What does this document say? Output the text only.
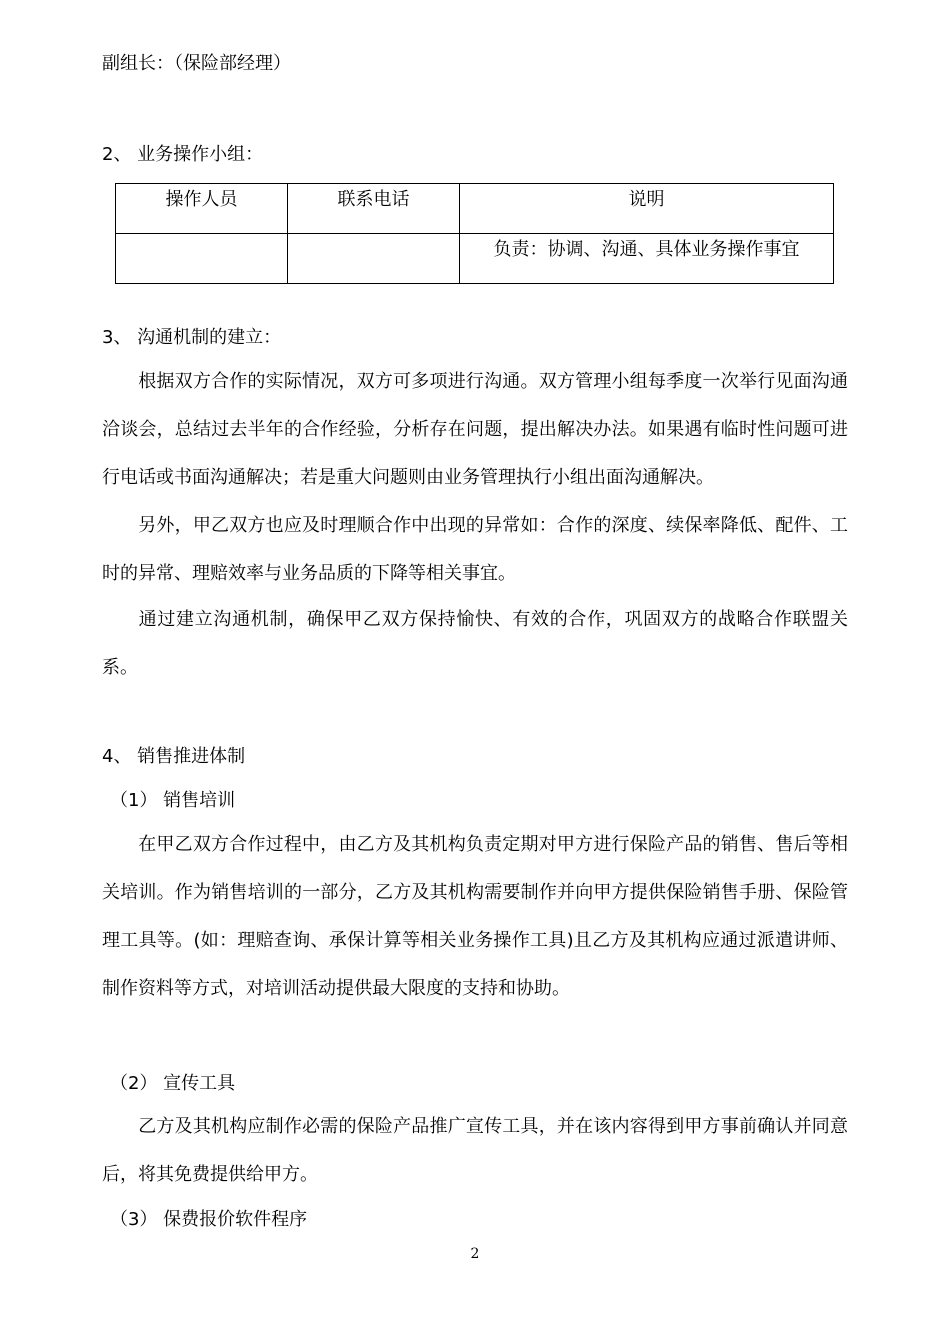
副组长：（保险部经理）
2、 业务操作小组：
操作人员	联系电话	说明
		负责：协调、沟通、具体业务操作事宜
3、 沟通机制的建立：
根据双方合作的实际情况，双方可多项进行沟通。双方管理小组每季度一次举行见面沟通洽谈会，总结过去半年的合作经验，分析存在问题，提出解决办法。如果遇有临时性问题可进行电话或书面沟通解决；若是重大问题则由业务管理执行小组出面沟通解决。
另外，甲乙双方也应及时理顺合作中出现的异常如：合作的深度、续保率降低、配件、工时的异常、理赔效率与业务品质的下降等相关事宜。
通过建立沟通机制，确保甲乙双方保持愉快、有效的合作，巩固双方的战略合作联盟关系。
4、 销售推进体制
（1） 销售培训
在甲乙双方合作过程中，由乙方及其机构负责定期对甲方进行保险产品的销售、售后等相关培训。作为销售培训的一部分，乙方及其机构需要制作并向甲方提供保险销售手册、保险管理工具等。(如：理赔查询、承保计算等相关业务操作工具)且乙方及其机构应通过派遣讲师、制作资料等方式，对培训活动提供最大限度的支持和协助。
（2） 宣传工具
乙方及其机构应制作必需的保险产品推广宣传工具，并在该内容得到甲方事前确认并同意后，将其免费提供给甲方。
（3） 保费报价软件程序
2
